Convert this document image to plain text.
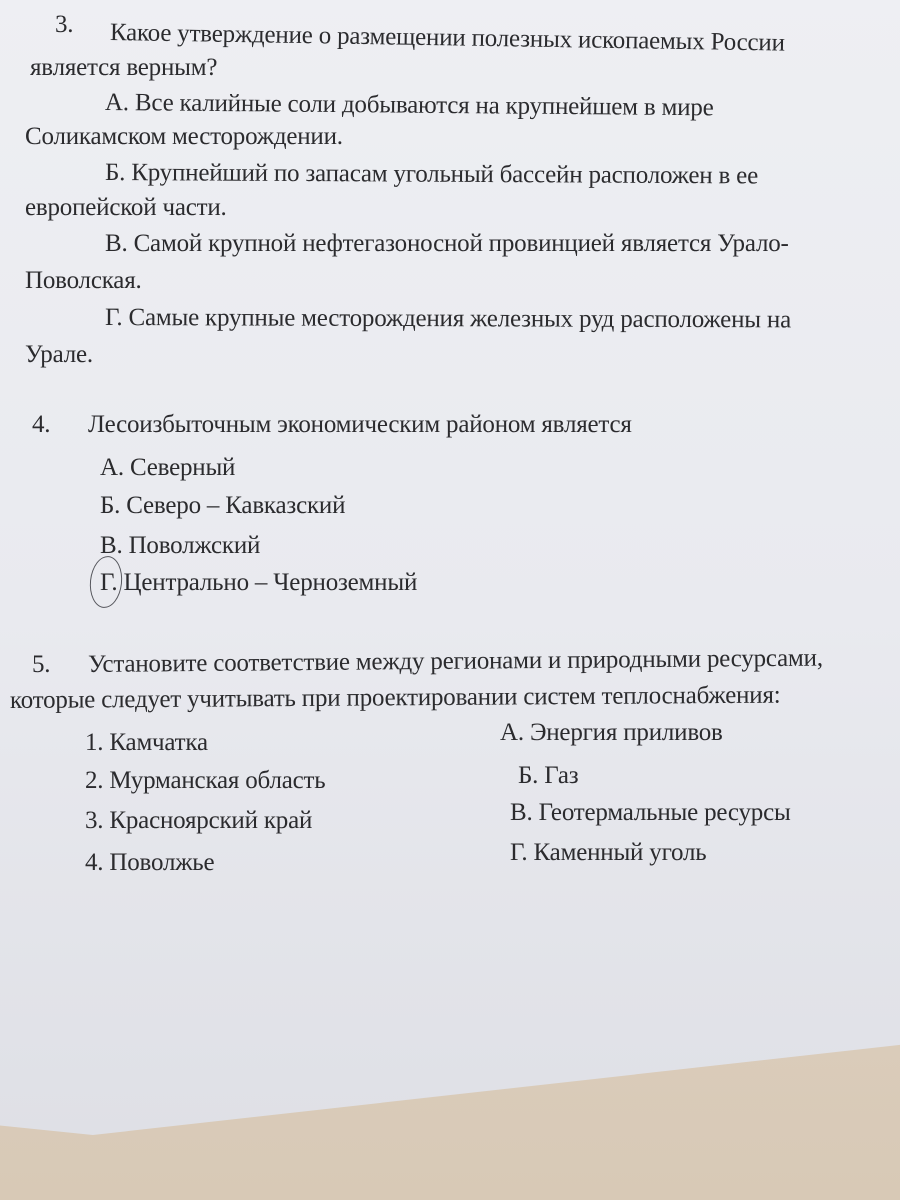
3. Какое утверждение о размещении полезных ископаемых России
является верным?
А. Все калийные соли добываются на крупнейшем в мире
Соликамском месторождении.
Б. Крупнейший по запасам угольный бассейн расположен в ее
европейской части.
В. Самой крупной нефтегазоносной провинцией является Урало-
Поволская.
Г. Самые крупные месторождения железных руд расположены на
Урале.
4. Лесоизбыточным экономическим районом является
А. Северный
Б. Северо – Кавказский
В. Поволжский
Г. Центрально – Черноземный
5. Установите соответствие между регионами и природными ресурсами,
которые следует учитывать при проектировании систем теплоснабжения:
1. Камчатка
2. Мурманская область
3. Красноярский край
4. Поволжье
А. Энергия приливов
Б. Газ
В. Геотермальные ресурсы
Г. Каменный уголь
